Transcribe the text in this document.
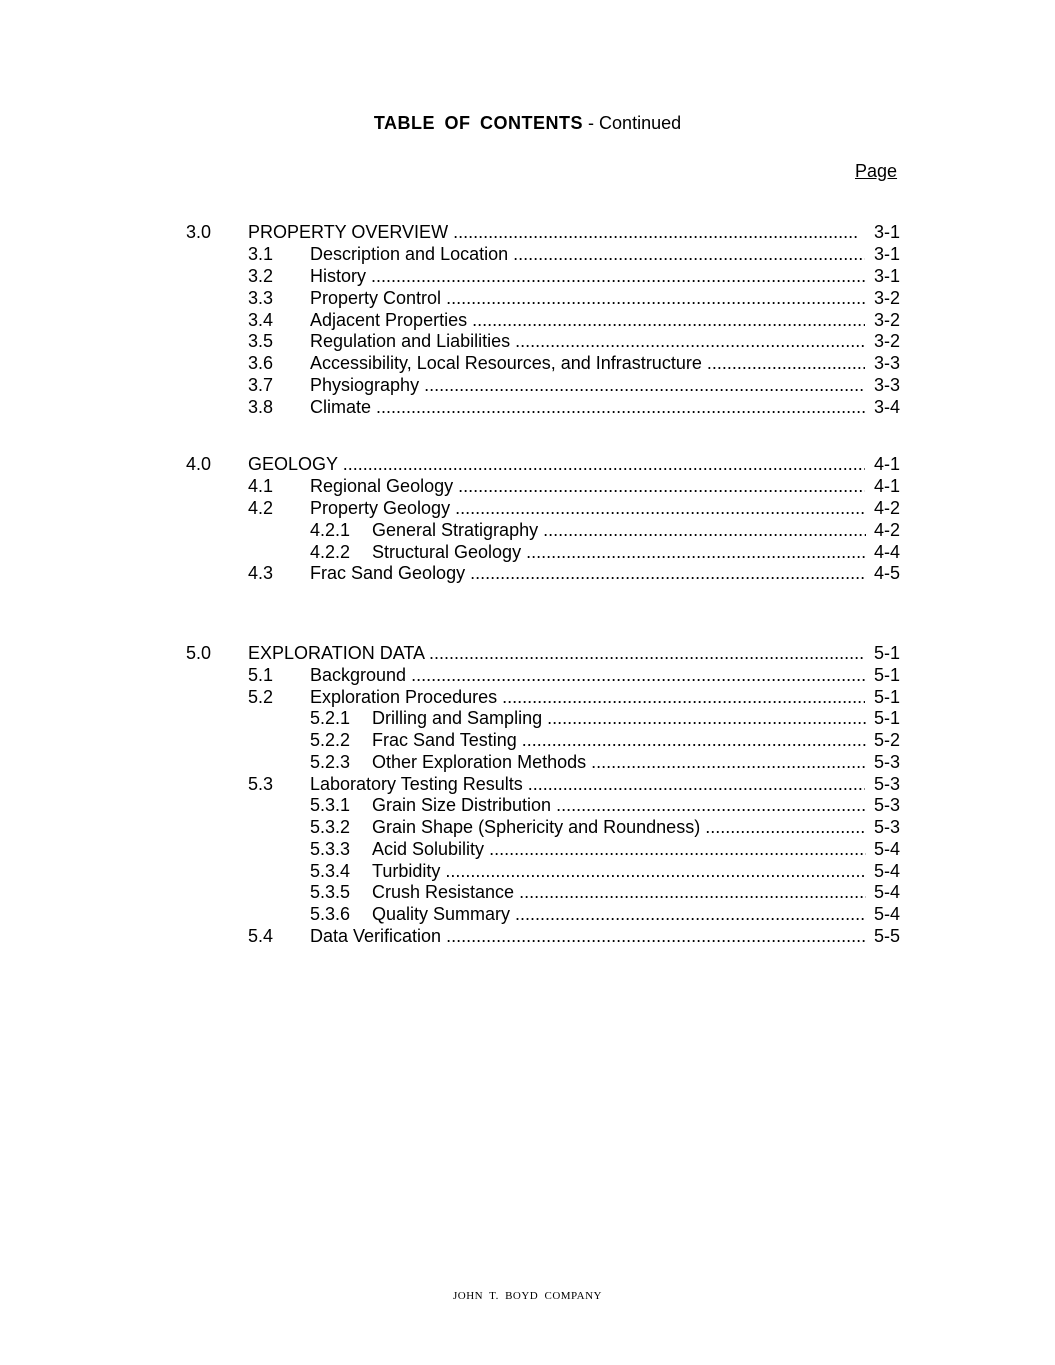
TABLE OF CONTENTS - Continued
Page
3.0 PROPERTY OVERVIEW .....	3-1
3.1 Description and Location .....	3-1
3.2 History .....	3-1
3.3 Property Control .....	3-2
3.4 Adjacent Properties .....	3-2
3.5 Regulation and Liabilities .....	3-2
3.6 Accessibility, Local Resources, and Infrastructure .....	3-3
3.7 Physiography .....	3-3
3.8 Climate .....	3-4
4.0 GEOLOGY .....	4-1
4.1 Regional Geology .....	4-1
4.2 Property Geology .....	4-2
4.2.1 General Stratigraphy .....	4-2
4.2.2 Structural Geology .....	4-4
4.3 Frac Sand Geology .....	4-5
5.0 EXPLORATION DATA .....	5-1
5.1 Background .....	5-1
5.2 Exploration Procedures .....	5-1
5.2.1 Drilling and Sampling .....	5-1
5.2.2 Frac Sand Testing .....	5-2
5.2.3 Other Exploration Methods .....	5-3
5.3 Laboratory Testing Results .....	5-3
5.3.1 Grain Size Distribution .....	5-3
5.3.2 Grain Shape (Sphericity and Roundness) .....	5-3
5.3.3 Acid Solubility .....	5-4
5.3.4 Turbidity .....	5-4
5.3.5 Crush Resistance .....	5-4
5.3.6 Quality Summary .....	5-4
5.4 Data Verification .....	5-5
JOHN T. BOYD COMPANY
